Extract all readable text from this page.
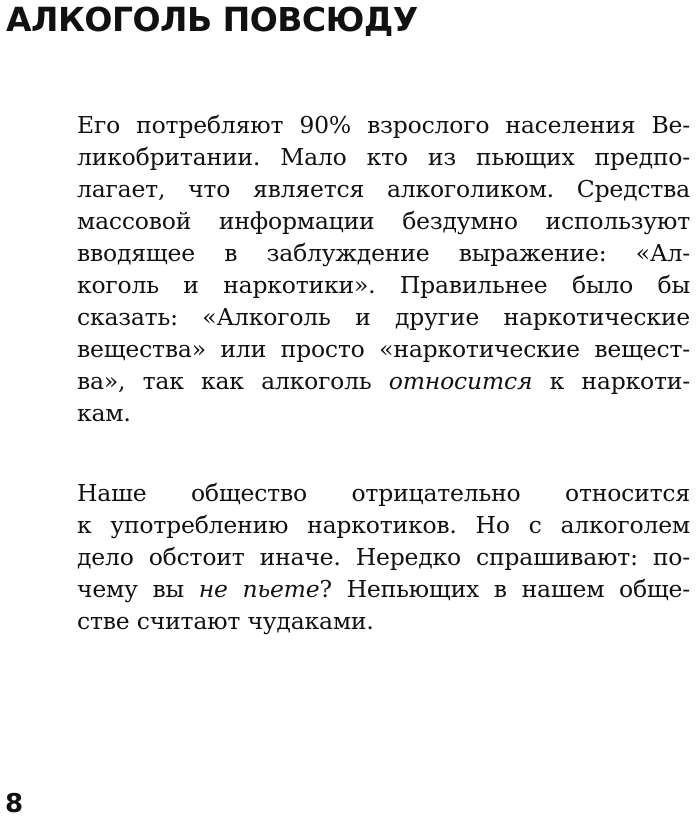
АЛКОГОЛЬ ПОВСЮДУ
Его потребляют 90% взрослого населения Ве-
ликобритании. Мало кто из пьющих предпо-
лагает, что является алкоголиком. Средства
массовой информации бездумно используют
вводящее в заблуждение выражение: «Ал-
коголь и наркотики». Правильнее было бы
сказать: «Алкоголь и другие наркотические
вещества» или просто «наркотические вещест-
ва», так как алкоголь относится к наркоти-
кам.
Наше общество отрицательно относится
к употреблению наркотиков. Но с алкоголем
дело обстоит иначе. Нередко спрашивают: по-
чему вы не пьете? Непьющих в нашем обще-
стве считают чудаками.
8
